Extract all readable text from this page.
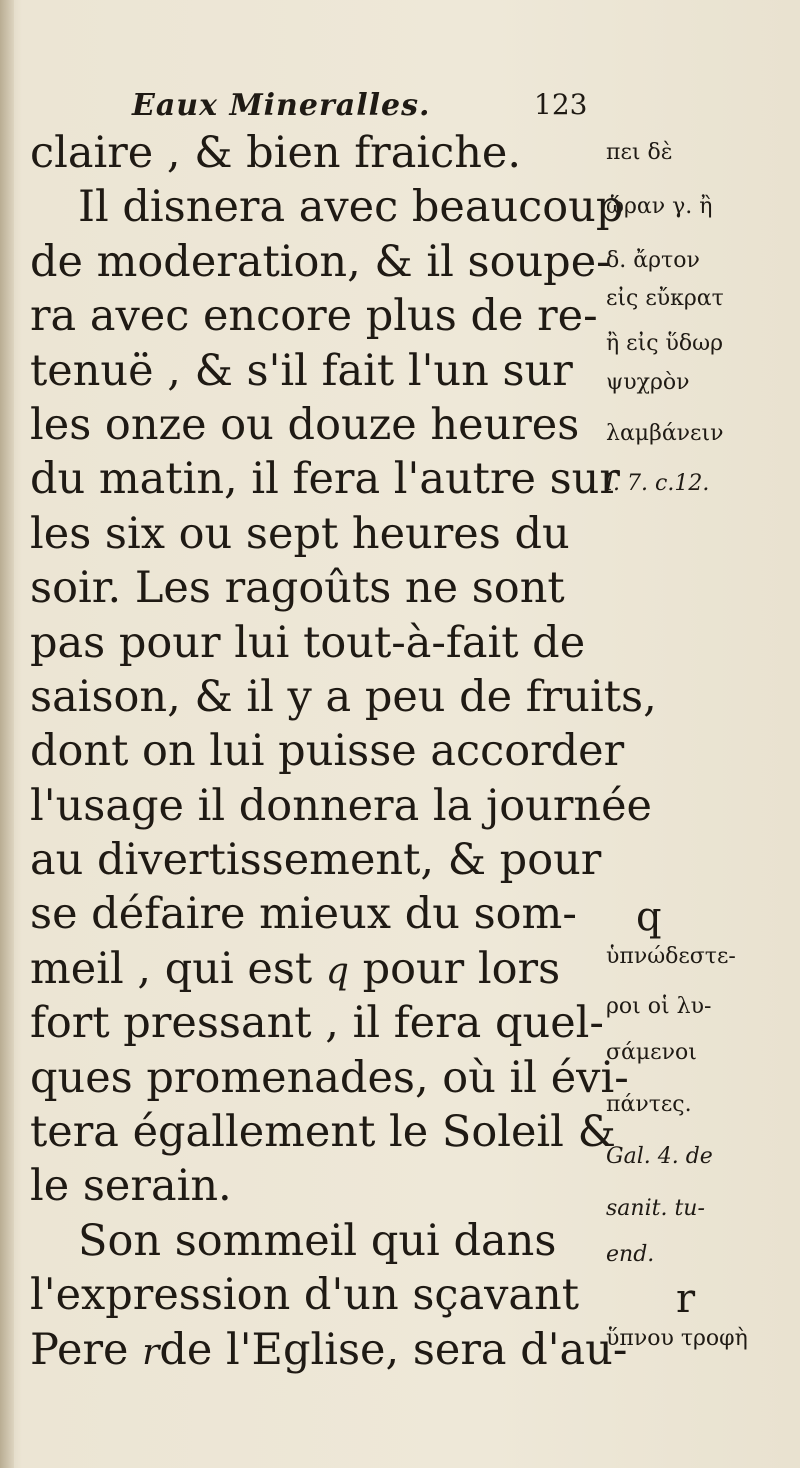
Eaux Mineralles.	123
claire , & bien fraiche.
Il disnera avec beaucoup
de moderation, & il soupe-
ra avec encore plus de re-
tenuë , & s'il fait l'un sur
les onze ou douze heures
du matin, il fera l'autre sur
les six ou sept heures du
soir. Les ragoûts ne sont
pas pour lui tout-à-fait de
saison, & il y a peu de fruits,
dont on lui puisse accorder
l'usage il donnera la journée
au divertissement, & pour
se défaire mieux du som-
meil , qui est q pour lors
fort pressant , il fera quel-
ques promenades, où il évi-
tera égallement le Soleil &
le serain.
Son sommeil qui dans
l'expression d'un sçavant
Pere rde l'Eglise, sera d'au-
πει δὲ
ὥραν γ. ἢ
δ. ἄρτον
εἰς εὔκρατ
ἢ εἰς ὕδωρ
ψυχρὸν
λαμβάνειν
l. 7. c.12.
q
ὑπνώδεστε-
ροι οἱ λυ-
σάμενοι
πάντες.
Gal. 4. de
sanit. tu-
end.
r
ὕπνου τροφὴ
